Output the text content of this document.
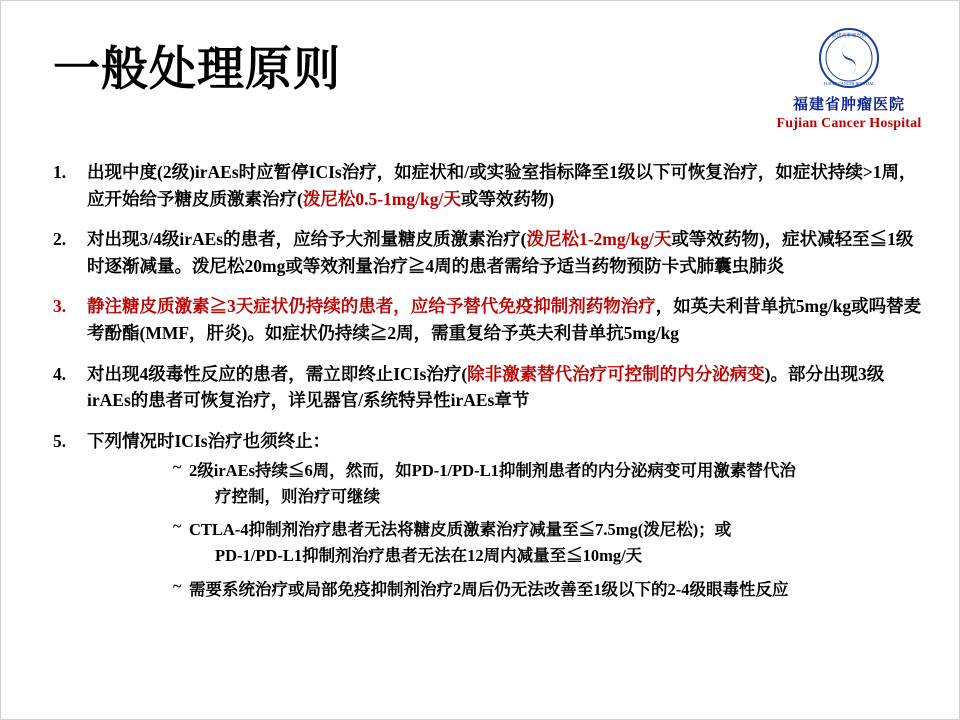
福建省肿瘤医院
FUJIAN CANCER HOSPITAL
福建省肿瘤医院
Fujian Cancer Hospital
一般处理原则
1.	出现中度(2级)irAEs时应暂停ICIs治疗，如症状和/或实验室指标降至1级以下可恢复治疗，如症状持续>1周，应开始给予糖皮质激素治疗(泼尼松0.5-1mg/kg/天或等效药物)
2.	对出现3/4级irAEs的患者，应给予大剂量糖皮质激素治疗(泼尼松1-2mg/kg/天或等效药物)，症状减轻至≦1级时逐渐减量。泼尼松20mg或等效剂量治疗≧4周的患者需给予适当药物预防卡式肺囊虫肺炎
3.	静注糖皮质激素≧3天症状仍持续的患者，应给予替代免疫抑制剂药物治疗，如英夫利昔单抗5mg/kg或吗替麦考酚酯(MMF，肝炎)。如症状仍持续≧2周，需重复给予英夫利昔单抗5mg/kg
4.	对出现4级毒性反应的患者，需立即终止ICIs治疗(除非激素替代治疗可控制的内分泌病变)。部分出现3级irAEs的患者可恢复治疗，详见器官/系统特异性irAEs章节
5.	下列情况时ICIs治疗也须终止：
~ 2级irAEs持续≦6周，然而，如PD-1/PD-L1抑制剂患者的内分泌病变可用激素替代治
疗控制，则治疗可继续
~ CTLA-4抑制剂治疗患者无法将糖皮质激素治疗减量至≦7.5mg(泼尼松)；或
PD-1/PD-L1抑制剂治疗患者无法在12周内减量至≦10mg/天
~ 需要系统治疗或局部免疫抑制剂治疗2周后仍无法改善至1级以下的2-4级眼毒性反应
